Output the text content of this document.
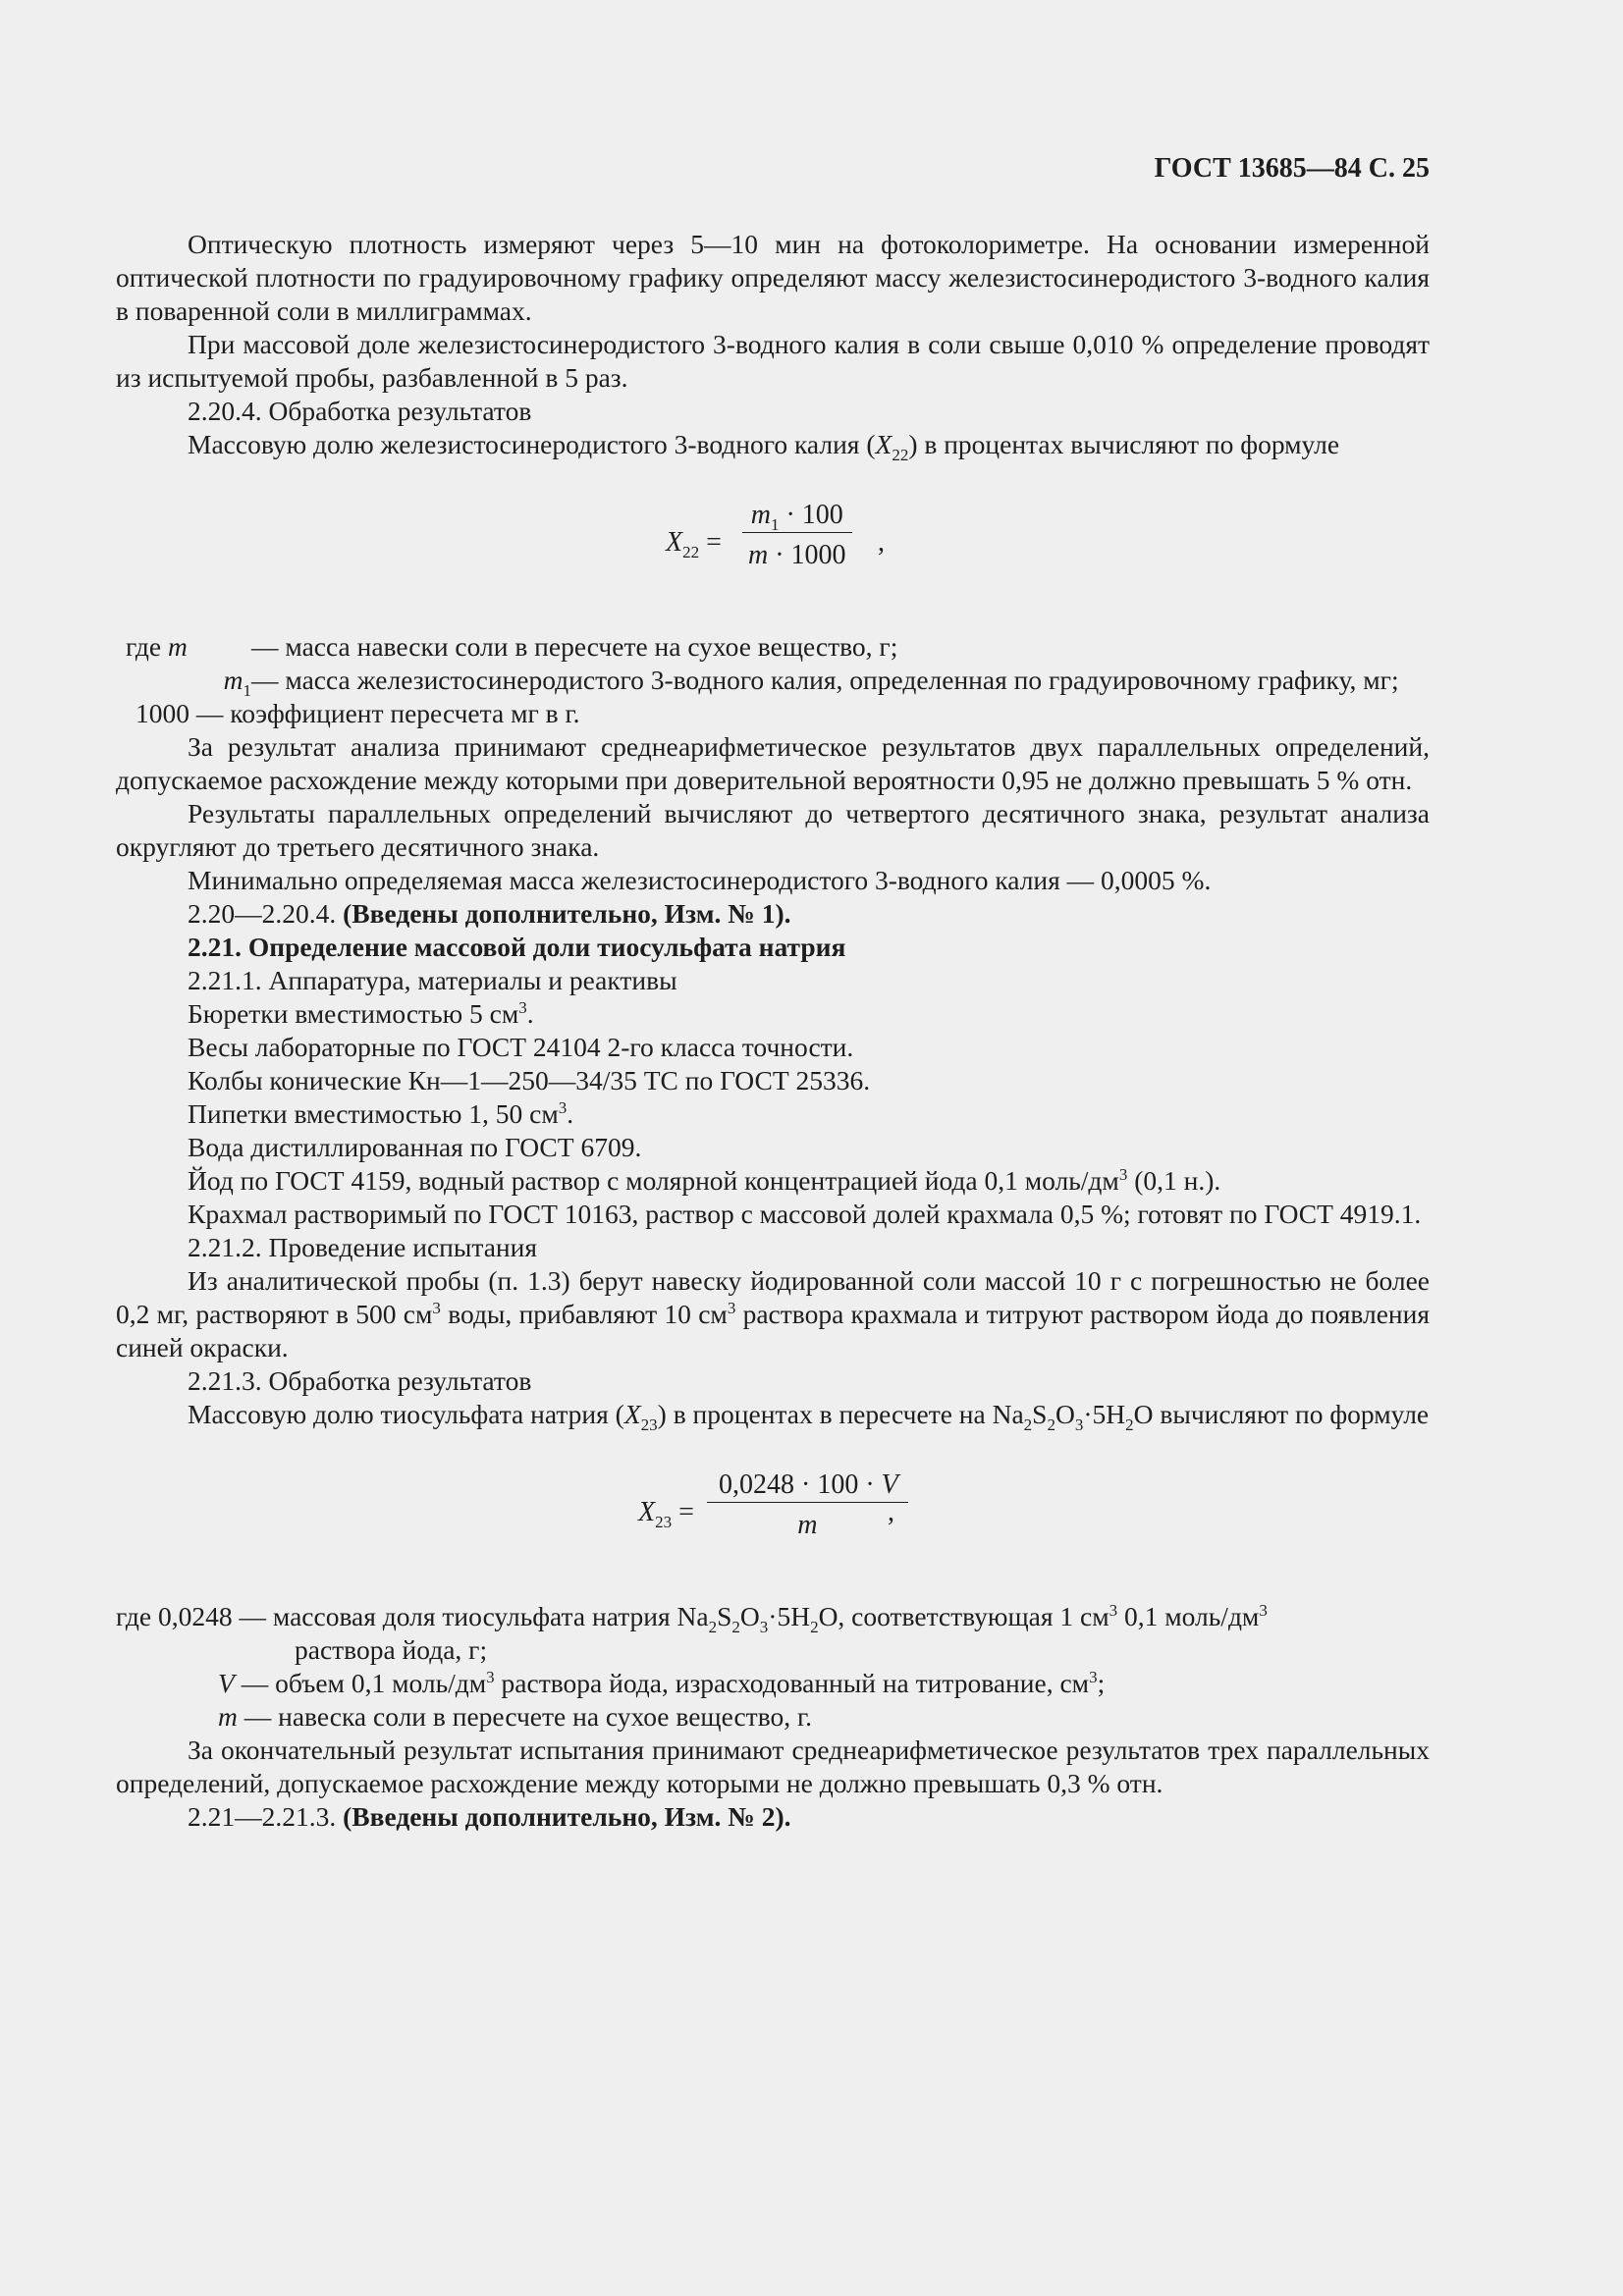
ГОСТ 13685—84 С. 25

Оптическую плотность измеряют через 5—10 мин на фотоколориметре. На основании измеренной оптической плотности по градуировочному графику определяют массу железистосинеродистого 3-водного калия в поваренной соли в миллиграммах.

При массовой доле железистосинеродистого 3-водного калия в соли свыше 0,010 % определение проводят из испытуемой пробы, разбавленной в 5 раз.

2.20.4. Обработка результатов

Массовую долю железистосинеродистого 3-водного калия $(X_{22})$ в процентах вычисляют по формуле

$X_{22} = \frac{m_1 \cdot 100}{m \cdot 1000}$ ,
где m	— масса навески соли в пересчете на сухое вещество, г;
$m_1$ — масса железистосинеродистого 3-водного калия, определенная по градуировочному графику, мг;
1000 — коэффициент пересчета мг в г.

За результат анализа принимают среднеарифметическое результатов двух параллельных определений, допускаемое расхождение между которыми при доверительной вероятности 0,95 не должно превышать 5 % отн.

Результаты параллельных определений вычисляют до четвертого десятичного знака, результат анализа округляют до третьего десятичного знака.

Минимально определяемая масса железистосинеродистого 3-водного калия — 0,0005 %.

2.20—2.20.4. (Введены дополнительно, Изм. № 1).

2.21. Определение массовой доли тиосульфата натрия

2.21.1. Аппаратура, материалы и реактивы

Бюретки вместимостью 5 $см^3$.

Весы лабораторные по ГОСТ 24104 2-го класса точности.

Колбы конические Кн—1—250—34/35 ТС по ГОСТ 25336.

Пипетки вместимостью 1, 50 $см^3$.

Вода дистиллированная по ГОСТ 6709.

Йод по ГОСТ 4159, водный раствор с молярной концентрацией йода 0,1 моль/$дм^3$ (0,1 н.).

Крахмал растворимый по ГОСТ 10163, раствор с массовой долей крахмала 0,5 %; готовят по ГОСТ 4919.1.

2.21.2. Проведение испытания

Из аналитической пробы (п. 1.3) берут навеску йодированной соли массой 10 г с погрешностью не более 0,2 мг, растворяют в 500 $см^3$ воды, прибавляют 10 $см^3$ раствора крахмала и титруют раствором йода до появления синей окраски.

2.21.3. Обработка результатов

Массовую долю тиосульфата натрия $(X_{23})$ в процентах в пересчете на $Na_2S_2O_3\cdot 5H_2O$ вычисляют по формуле

$X_{23} = \frac{0,0248 \cdot 100 \cdot V}{m}$
,

где 0,0248 — массовая доля тиосульфата натрия $Na_2S_2O_3\cdot 5H_2O$, соответствующая 1 $см^3$ 0,1 моль/$дм^3$

раствора йода, г;

V — объем 0,1 моль/$дм^3$ раствора йода, израсходованный на титрование, $см^3$;

m — навеска соли в пересчете на сухое вещество, г.

За окончательный результат испытания принимают среднеарифметическое результатов трех параллельных определений, допускаемое расхождение между которыми не должно превышать 0,3 % отн.

2.21—2.21.3. (Введены дополнительно, Изм. № 2).
